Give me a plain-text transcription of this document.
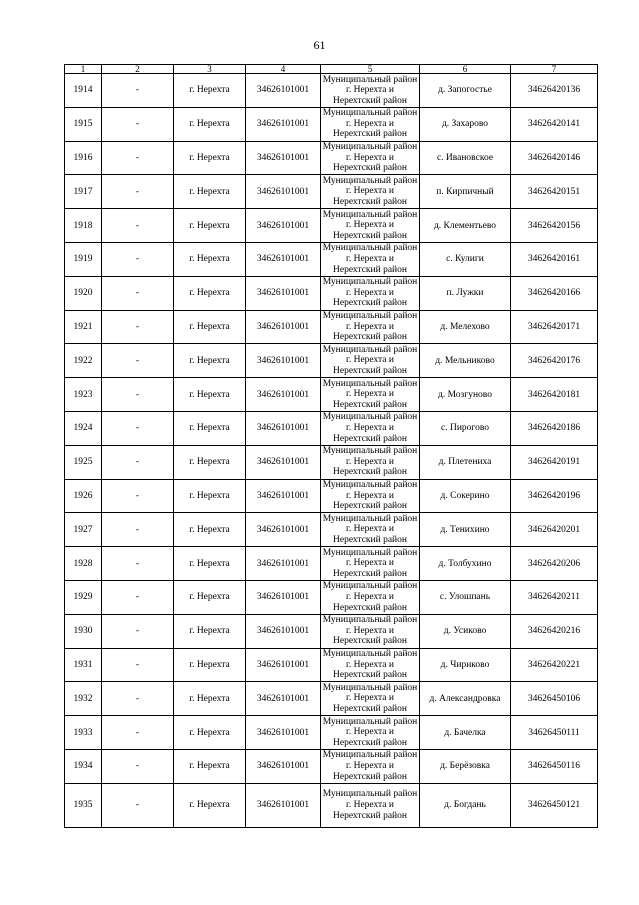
61
1	2	3	4	5	6	7
1914	-	г. Нерехта	34626101001	Муниципальный район г. Нерехта и Нерехтский район	д. Запогостье	34626420136
1915	-	г. Нерехта	34626101001	Муниципальный район г. Нерехта и Нерехтский район	д. Захарово	34626420141
1916	-	г. Нерехта	34626101001	Муниципальный район г. Нерехта и Нерехтский район	с. Ивановское	34626420146
1917	-	г. Нерехта	34626101001	Муниципальный район г. Нерехта и Нерехтский район	п. Кирпичный	34626420151
1918	-	г. Нерехта	34626101001	Муниципальный район г. Нерехта и Нерехтский район	д. Клементьево	34626420156
1919	-	г. Нерехта	34626101001	Муниципальный район г. Нерехта и Нерехтский район	с. Кулиги	34626420161
1920	-	г. Нерехта	34626101001	Муниципальный район г. Нерехта и Нерехтский район	п. Лужки	34626420166
1921	-	г. Нерехта	34626101001	Муниципальный район г. Нерехта и Нерехтский район	д. Мелехово	34626420171
1922	-	г. Нерехта	34626101001	Муниципальный район г. Нерехта и Нерехтский район	д. Мельниково	34626420176
1923	-	г. Нерехта	34626101001	Муниципальный район г. Нерехта и Нерехтский район	д. Мозгуново	34626420181
1924	-	г. Нерехта	34626101001	Муниципальный район г. Нерехта и Нерехтский район	с. Пирогово	34626420186
1925	-	г. Нерехта	34626101001	Муниципальный район г. Нерехта и Нерехтский район	д. Плетениха	34626420191
1926	-	г. Нерехта	34626101001	Муниципальный район г. Нерехта и Нерехтский район	д. Сокерино	34626420196
1927	-	г. Нерехта	34626101001	Муниципальный район г. Нерехта и Нерехтский район	д. Тенихино	34626420201
1928	-	г. Нерехта	34626101001	Муниципальный район г. Нерехта и Нерехтский район	д. Толбухино	34626420206
1929	-	г. Нерехта	34626101001	Муниципальный район г. Нерехта и Нерехтский район	с. Улошпань	34626420211
1930	-	г. Нерехта	34626101001	Муниципальный район г. Нерехта и Нерехтский район	д. Усиково	34626420216
1931	-	г. Нерехта	34626101001	Муниципальный район г. Нерехта и Нерехтский район	д. Чириково	34626420221
1932	-	г. Нерехта	34626101001	Муниципальный район г. Нерехта и Нерехтский район	д. Александровка	34626450106
1933	-	г. Нерехта	34626101001	Муниципальный район г. Нерехта и Нерехтский район	д. Бачелка	34626450111
1934	-	г. Нерехта	34626101001	Муниципальный район г. Нерехта и Нерехтский район	д. Берёзовка	34626450116
1935	-	г. Нерехта	34626101001	Муниципальный район г. Нерехта и Нерехтский район	д. Богдань	34626450121
